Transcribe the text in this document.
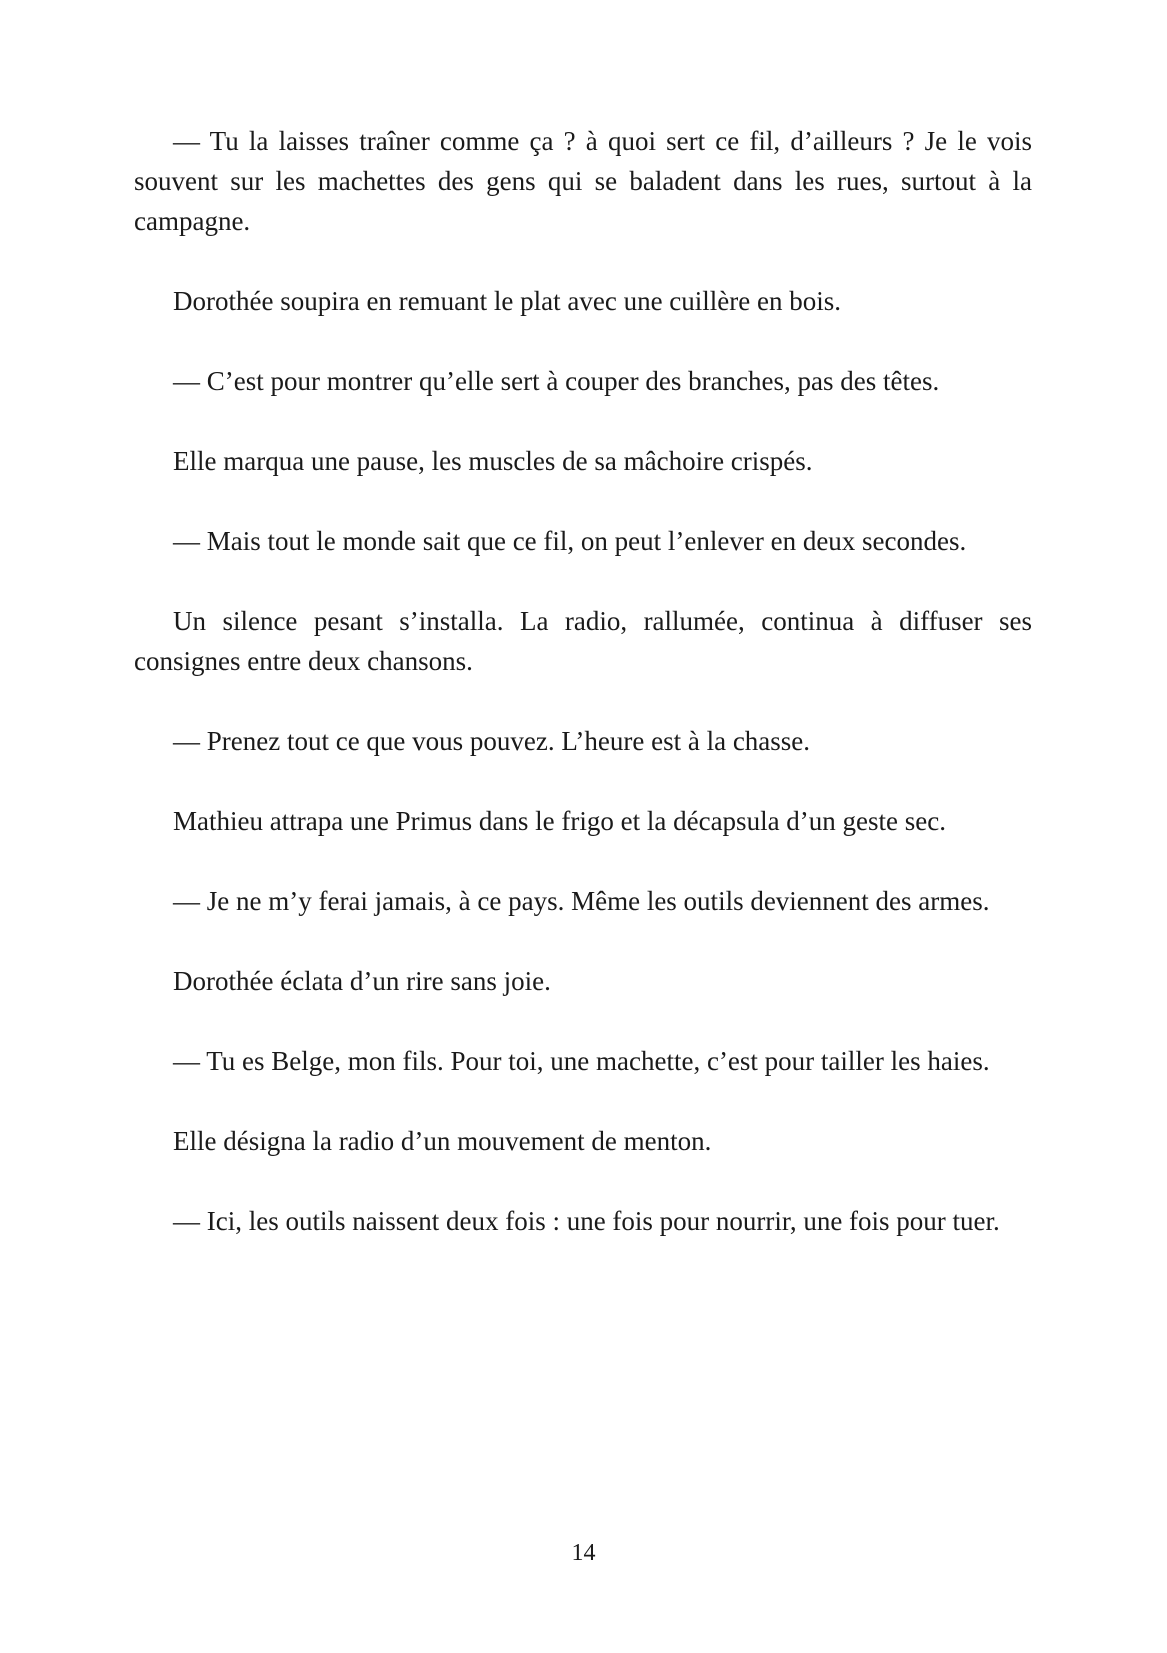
— Tu la laisses traîner comme ça ? à quoi sert ce fil, d’ailleurs ? Je le vois souvent sur les machettes des gens qui se baladent dans les rues, surtout à la campagne.

Dorothée soupira en remuant le plat avec une cuillère en bois.

— C’est pour montrer qu’elle sert à couper des branches, pas des têtes.

Elle marqua une pause, les muscles de sa mâchoire crispés.

— Mais tout le monde sait que ce fil, on peut l’enlever en deux secondes.

Un silence pesant s’installa. La radio, rallumée, continua à diffuser ses consignes entre deux chansons.

— Prenez tout ce que vous pouvez. L’heure est à la chasse.

Mathieu attrapa une Primus dans le frigo et la décapsula d’un geste sec.

— Je ne m’y ferai jamais, à ce pays. Même les outils deviennent des armes.

Dorothée éclata d’un rire sans joie.

— Tu es Belge, mon fils. Pour toi, une machette, c’est pour tailler les haies.

Elle désigna la radio d’un mouvement de menton.

— Ici, les outils naissent deux fois : une fois pour nourrir, une fois pour tuer.

14
